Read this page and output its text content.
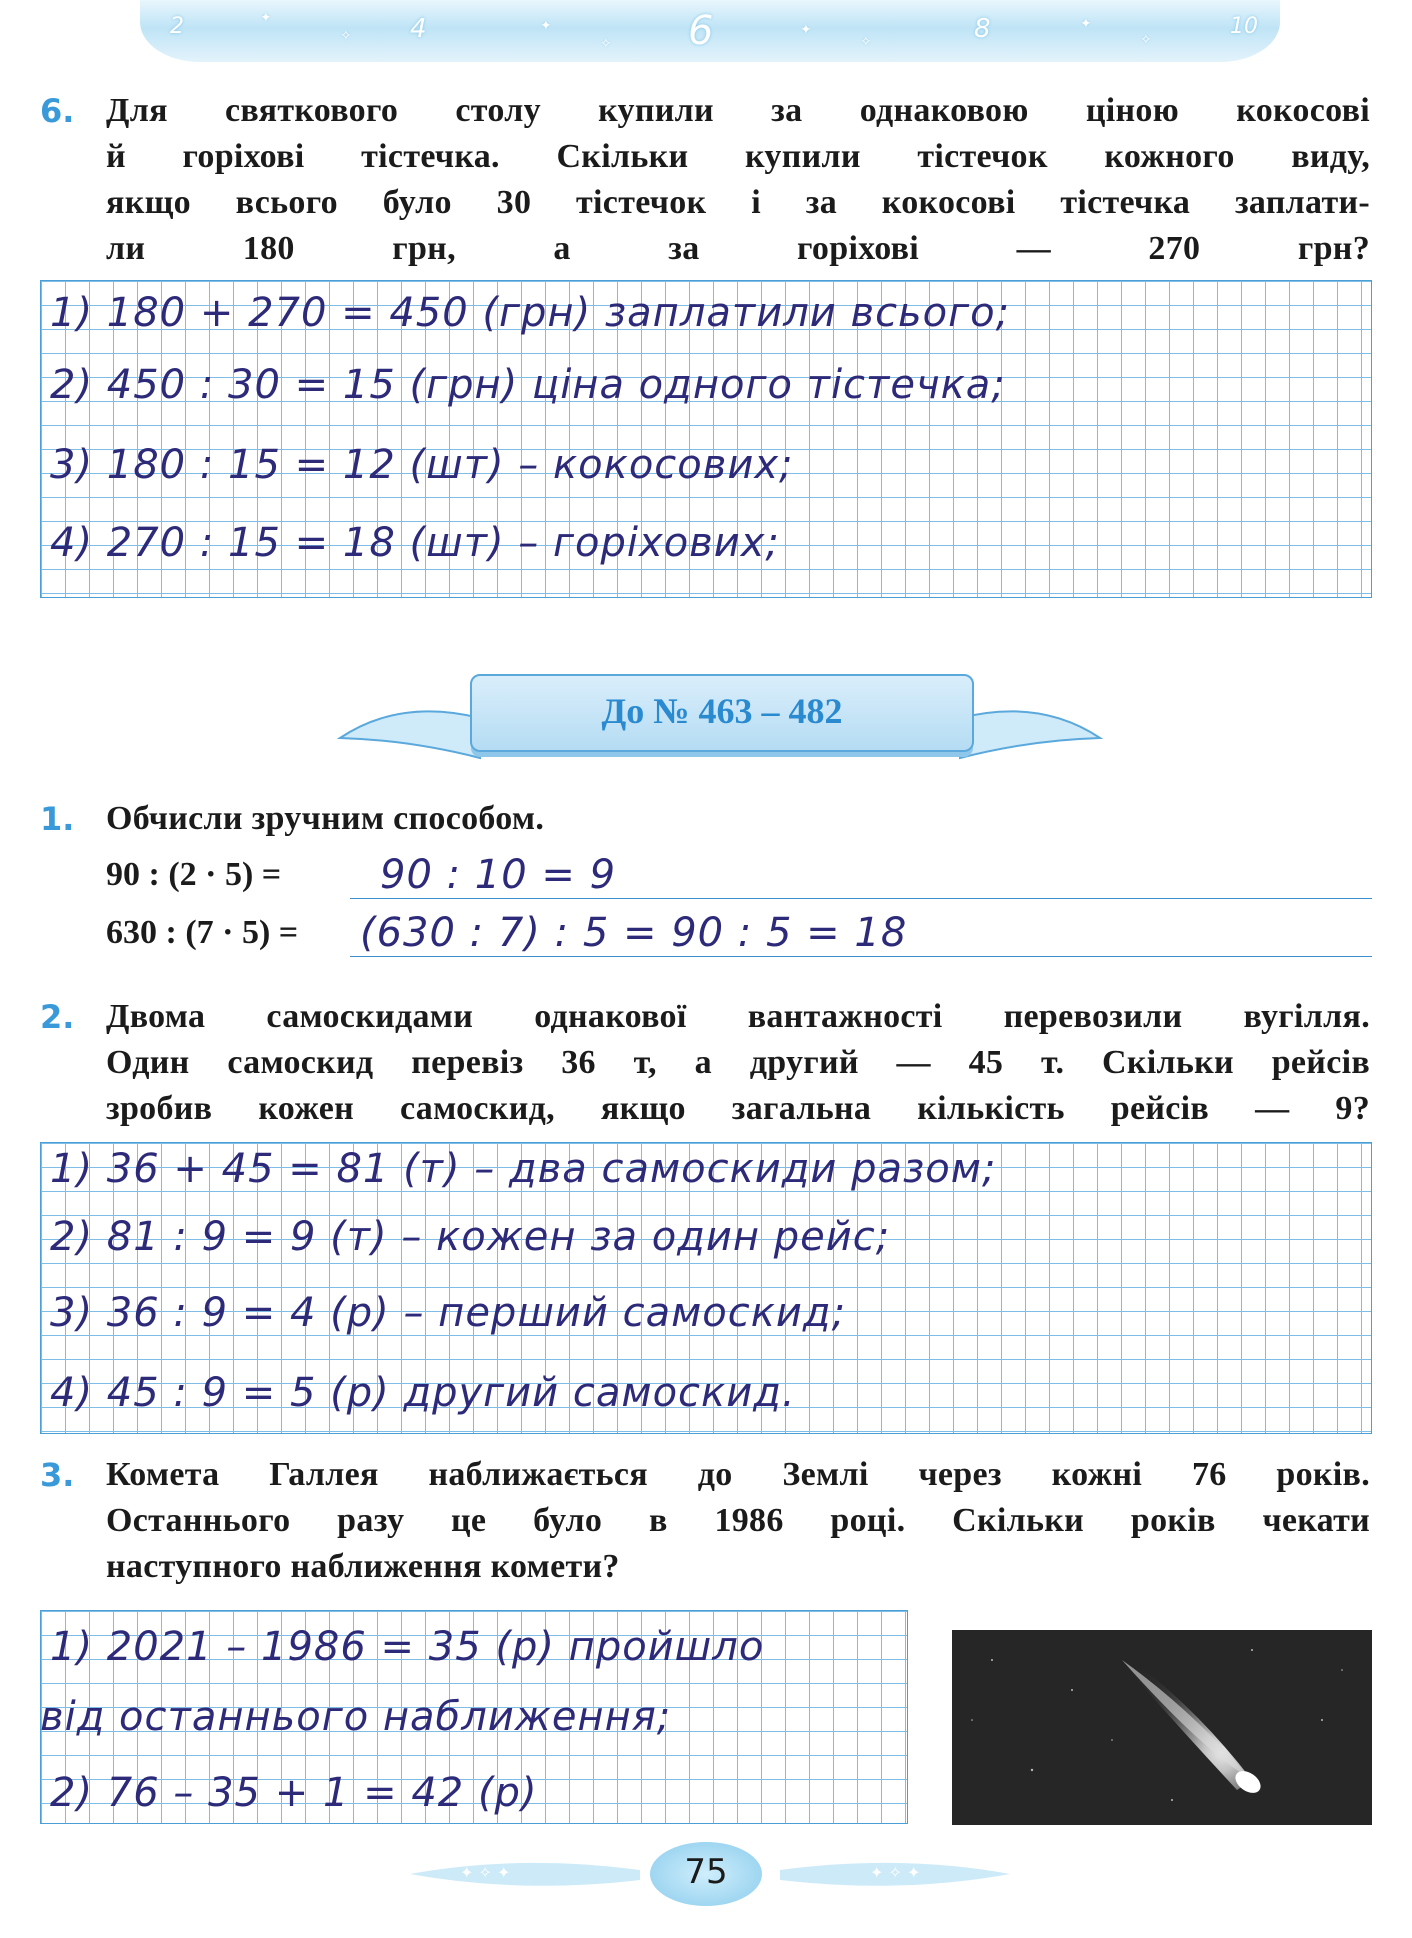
2	4	6	8	10
✦
✧
✦
✧
✦
✧
✦
✧
6. Для святкового столу купили за однаковою ціною кокосові
й горіхові тістечка. Скільки купили тістечок кожного виду,
якщо всього було 30 тістечок і за кокосові тістечка заплати-
ли 180 грн, а за горіхові — 270 грн?
1) 180 + 270 = 450 (грн) заплатили всього;
2) 450 : 30 = 15 (грн) ціна одного тістечка;
3) 180 : 15 = 12 (шт) – кокосових;
4) 270 : 15 = 18 (шт) – горіхових;
До № 463 – 482
1. Обчисли зручним способом.
90 : (2 · 5) = 90 : 10 = 9
630 : (7 · 5) = (630 : 7) : 5 = 90 : 5 = 18
2. Двома самоскидами однакової вантажності перевозили вугілля.
Один самоскид перевіз 36 т, а другий — 45 т. Скільки рейсів
зробив кожен самоскид, якщо загальна кількість рейсів — 9?
1) 36 + 45 = 81 (т) – два самоскиди разом;
2) 81 : 9 = 9 (т) – кожен за один рейс;
3) 36 : 9 = 4 (р) – перший самоскид;
4) 45 : 9 = 5 (р) другий самоскид.
3. Комета Галлея наближається до Землі через кожні 76 років.
Останнього разу це було в 1986 році. Скільки років чекати
наступного наближення комети?
1) 2021 – 1986 = 35 (р) пройшло
від останнього наближення;
2) 76 – 35 + 1 = 42 (р)
✦ ✧ ✦	✦ ✧ ✦
75
